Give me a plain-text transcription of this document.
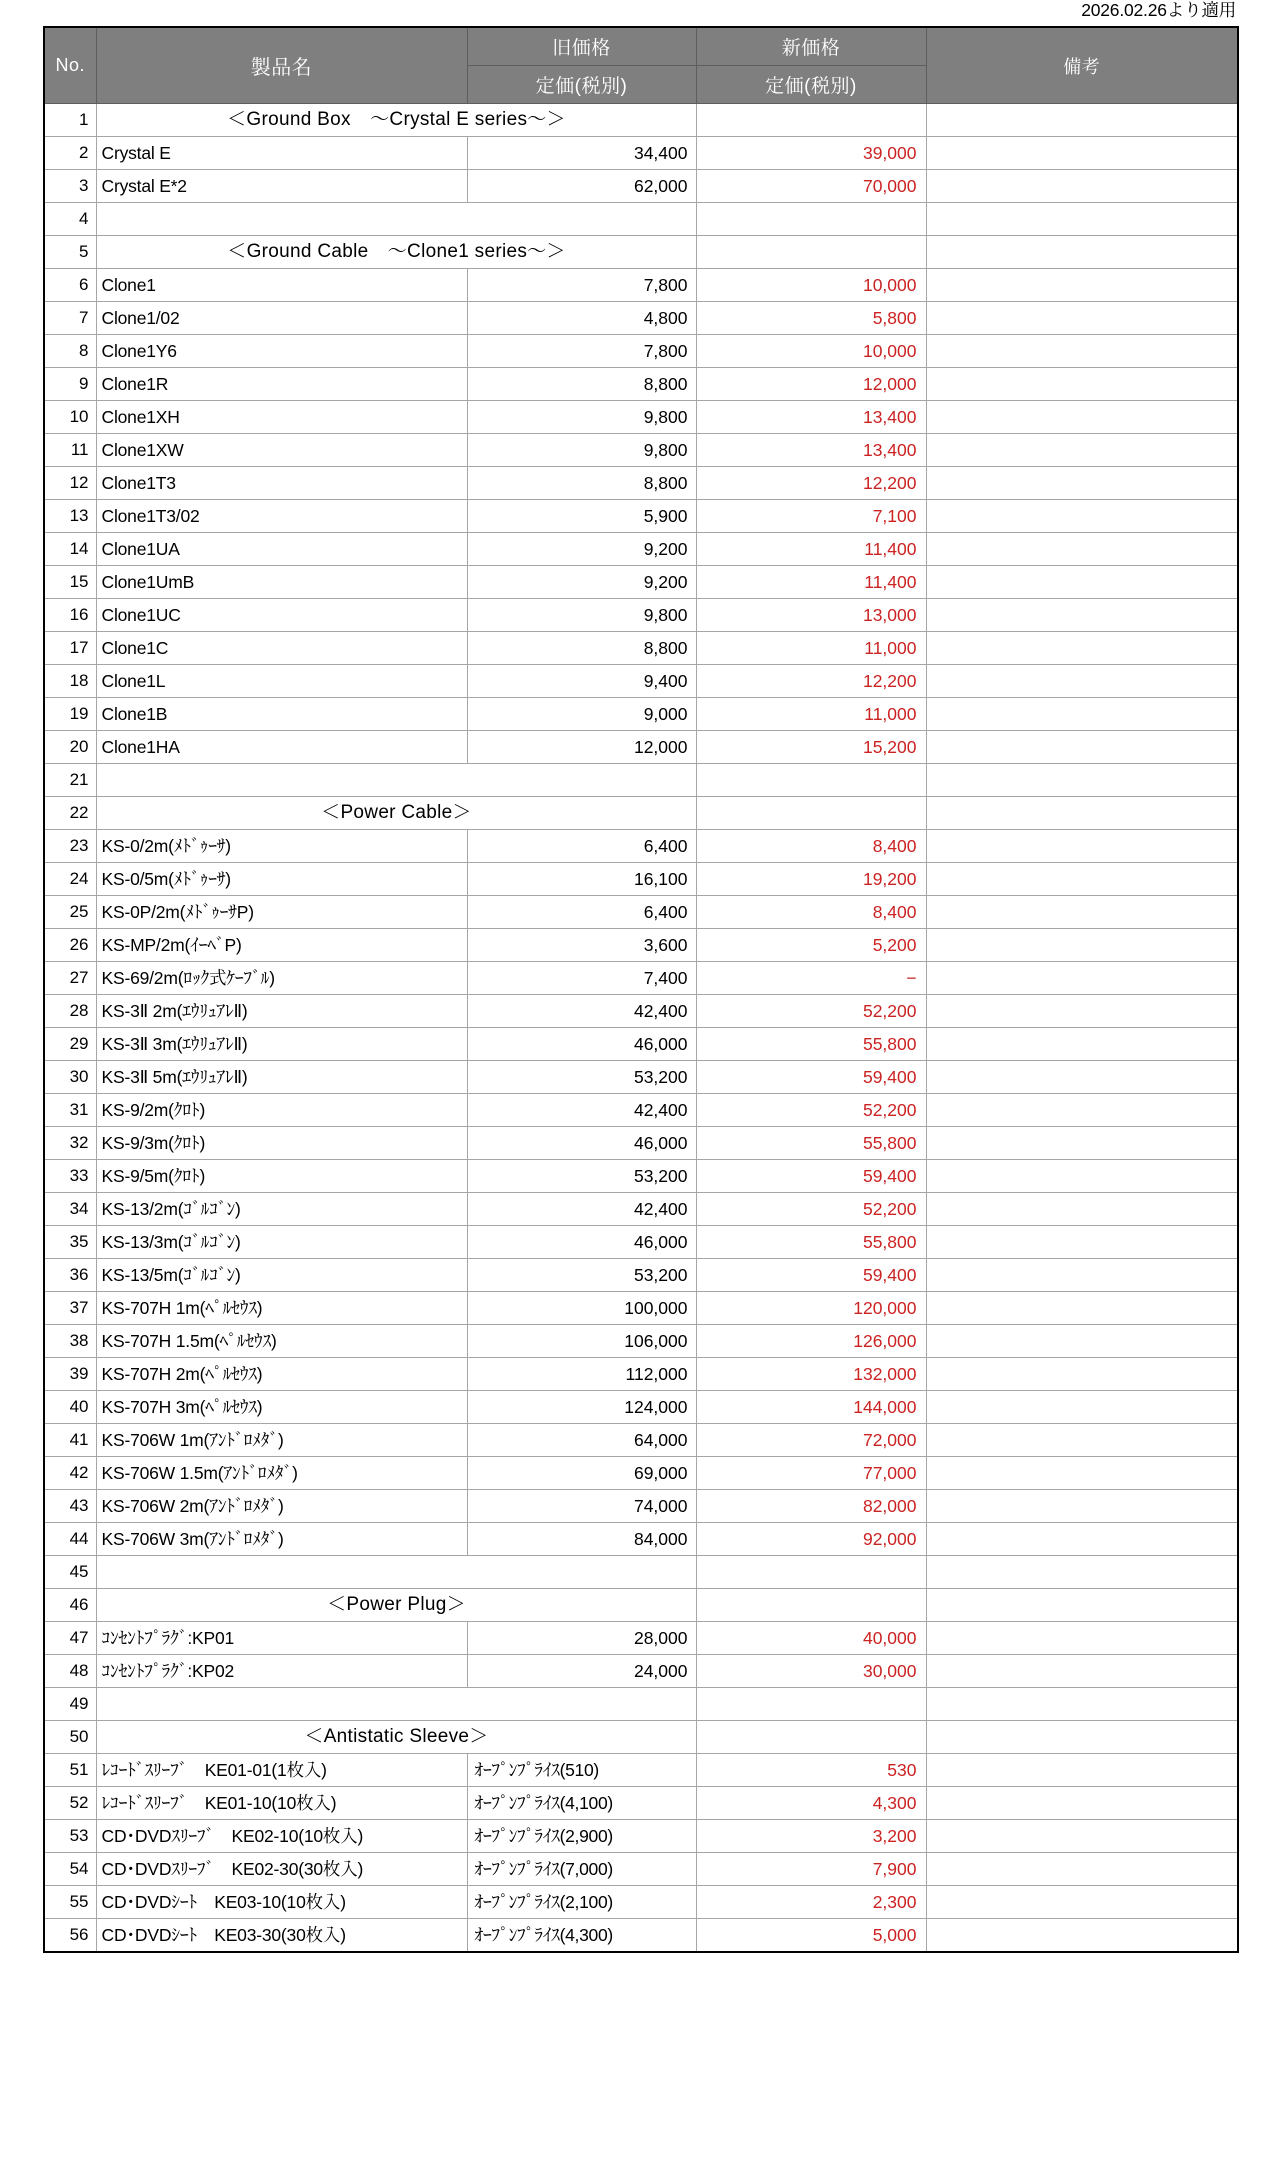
2026.02.26より適用
No.	製品名	旧価格	新価格	備考
		定価(税別)	定価(税別)	
1	＜Ground Box　～Crystal E series～＞			
2	Crystal E	34,400	39,000	
3	Crystal E*2	62,000	70,000	
4				
5	＜Ground Cable　～Clone1 series～＞			
6	Clone1	7,800	10,000	
7	Clone1/02	4,800	5,800	
8	Clone1Y6	7,800	10,000	
9	Clone1R	8,800	12,000	
10	Clone1XH	9,800	13,400	
11	Clone1XW	9,800	13,400	
12	Clone1T3	8,800	12,200	
13	Clone1T3/02	5,900	7,100	
14	Clone1UA	9,200	11,400	
15	Clone1UmB	9,200	11,400	
16	Clone1UC	9,800	13,000	
17	Clone1C	8,800	11,000	
18	Clone1L	9,400	12,200	
19	Clone1B	9,000	11,000	
20	Clone1HA	12,000	15,200	
21				
22	＜Power Cable＞			
23	KS-0/2m(ﾒﾄﾞｩｰｻ)	6,400	8,400	
24	KS-0/5m(ﾒﾄﾞｩｰｻ)	16,100	19,200	
25	KS-0P/2m(ﾒﾄﾞｩｰｻP)	6,400	8,400	
26	KS-MP/2m(ｲｰﾍﾞP)	3,600	5,200	
27	KS-69/2m(ﾛｯｸ式ｹｰﾌﾞﾙ)	7,400	−	
28	KS-3Ⅱ 2m(ｴｳﾘｭｱﾚⅡ)	42,400	52,200	
29	KS-3Ⅱ 3m(ｴｳﾘｭｱﾚⅡ)	46,000	55,800	
30	KS-3Ⅱ 5m(ｴｳﾘｭｱﾚⅡ)	53,200	59,400	
31	KS-9/2m(ｸﾛﾄ)	42,400	52,200	
32	KS-9/3m(ｸﾛﾄ)	46,000	55,800	
33	KS-9/5m(ｸﾛﾄ)	53,200	59,400	
34	KS-13/2m(ｺﾞﾙｺﾞﾝ)	42,400	52,200	
35	KS-13/3m(ｺﾞﾙｺﾞﾝ)	46,000	55,800	
36	KS-13/5m(ｺﾞﾙｺﾞﾝ)	53,200	59,400	
37	KS-707H 1m(ﾍﾟﾙｾｳｽ)	100,000	120,000	
38	KS-707H 1.5m(ﾍﾟﾙｾｳｽ)	106,000	126,000	
39	KS-707H 2m(ﾍﾟﾙｾｳｽ)	112,000	132,000	
40	KS-707H 3m(ﾍﾟﾙｾｳｽ)	124,000	144,000	
41	KS-706W 1m(ｱﾝﾄﾞﾛﾒﾀﾞ)	64,000	72,000	
42	KS-706W 1.5m(ｱﾝﾄﾞﾛﾒﾀﾞ)	69,000	77,000	
43	KS-706W 2m(ｱﾝﾄﾞﾛﾒﾀﾞ)	74,000	82,000	
44	KS-706W 3m(ｱﾝﾄﾞﾛﾒﾀﾞ)	84,000	92,000	
45				
46	＜Power Plug＞			
47	ｺﾝｾﾝﾄﾌﾟﾗｸﾞ:KP01	28,000	40,000	
48	ｺﾝｾﾝﾄﾌﾟﾗｸﾞ:KP02	24,000	30,000	
49				
50	＜Antistatic Sleeve＞			
51	ﾚｺｰﾄﾞｽﾘｰﾌﾞ　KE01-01(1枚入)	ｵｰﾌﾟﾝﾌﾟﾗｲｽ(510)	530	
52	ﾚｺｰﾄﾞｽﾘｰﾌﾞ　KE01-10(10枚入)	ｵｰﾌﾟﾝﾌﾟﾗｲｽ(4,100)	4,300	
53	CD･DVDｽﾘｰﾌﾞ　KE02-10(10枚入)	ｵｰﾌﾟﾝﾌﾟﾗｲｽ(2,900)	3,200	
54	CD･DVDｽﾘｰﾌﾞ　KE02-30(30枚入)	ｵｰﾌﾟﾝﾌﾟﾗｲｽ(7,000)	7,900	
55	CD･DVDｼｰﾄ　KE03-10(10枚入)	ｵｰﾌﾟﾝﾌﾟﾗｲｽ(2,100)	2,300	
56	CD･DVDｼｰﾄ　KE03-30(30枚入)	ｵｰﾌﾟﾝﾌﾟﾗｲｽ(4,300)	5,000	
